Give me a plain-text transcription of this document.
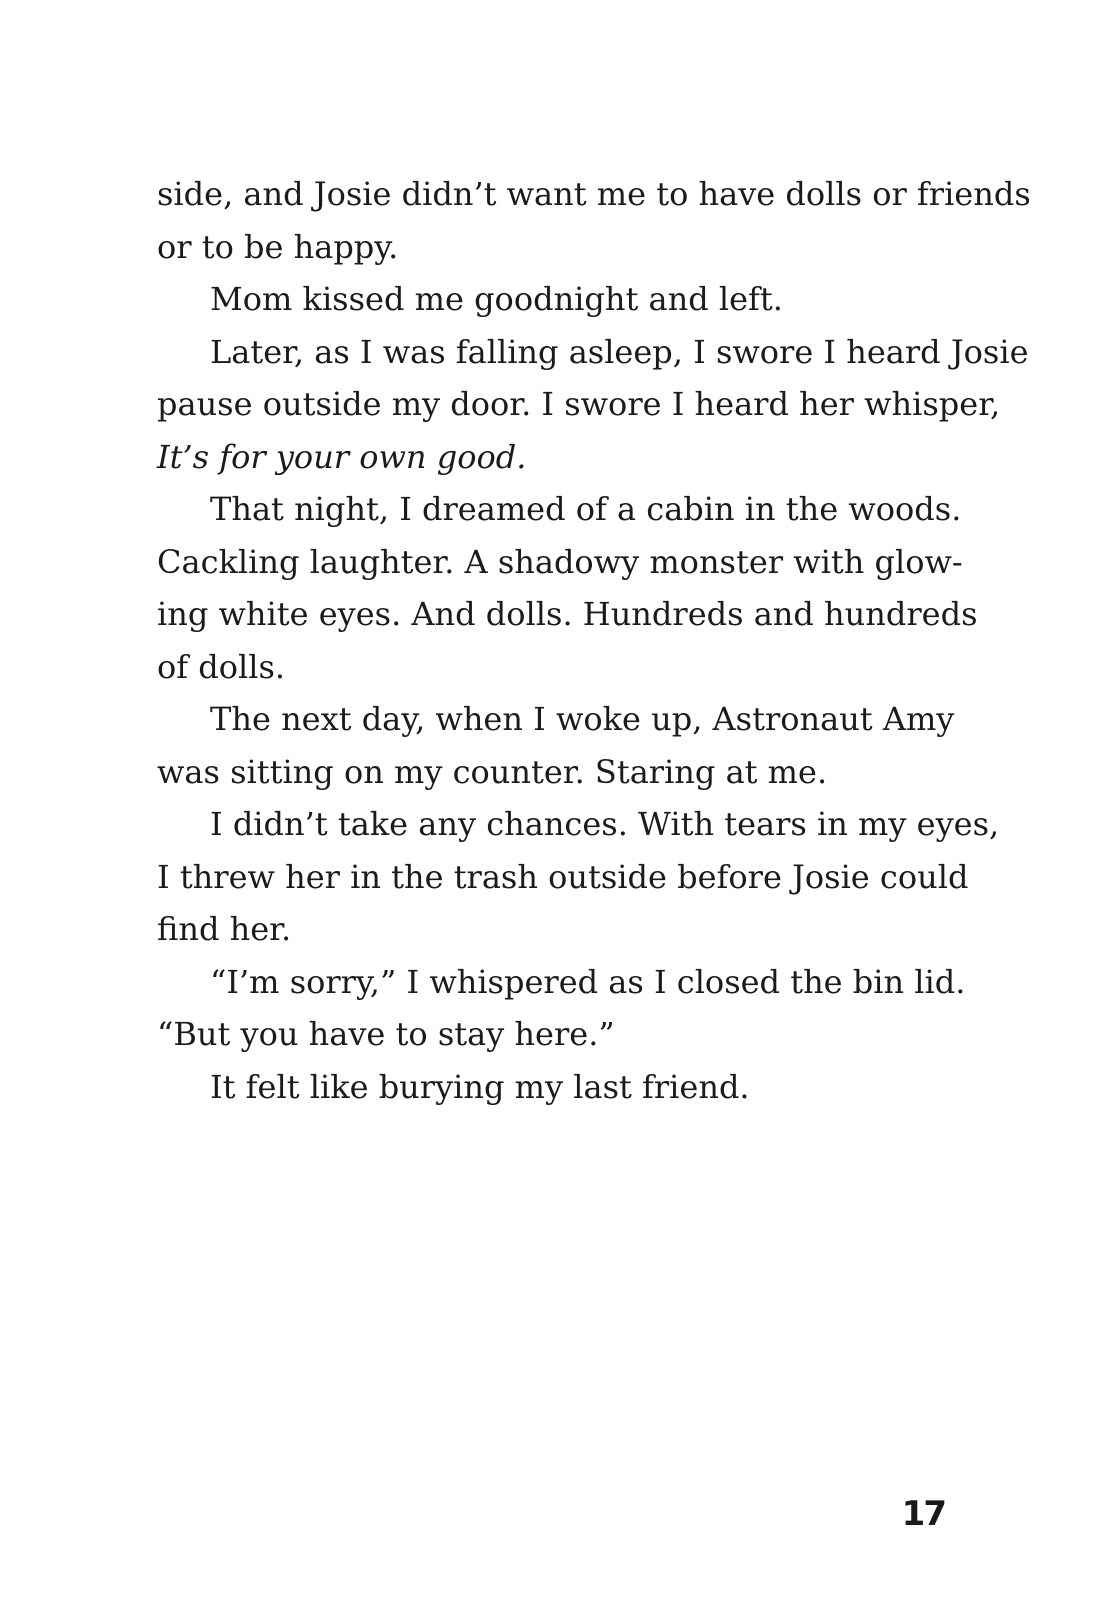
side, and Josie didn’t want me to have dolls or friends
or to be happy.
Mom kissed me goodnight and left.
Later, as I was falling asleep, I swore I heard Josie
pause outside my door. I swore I heard her whisper,
It’s for your own good.
That night, I dreamed of a cabin in the woods.
Cackling laughter. A shadowy monster with glow-
ing white eyes. And dolls. Hundreds and hundreds
of dolls.
The next day, when I woke up, Astronaut Amy
was sitting on my counter. Staring at me.
I didn’t take any chances. With tears in my eyes,
I threw her in the trash outside before Josie could
find her.
“I’m sorry,” I whispered as I closed the bin lid.
“But you have to stay here.”
It felt like burying my last friend.
17
